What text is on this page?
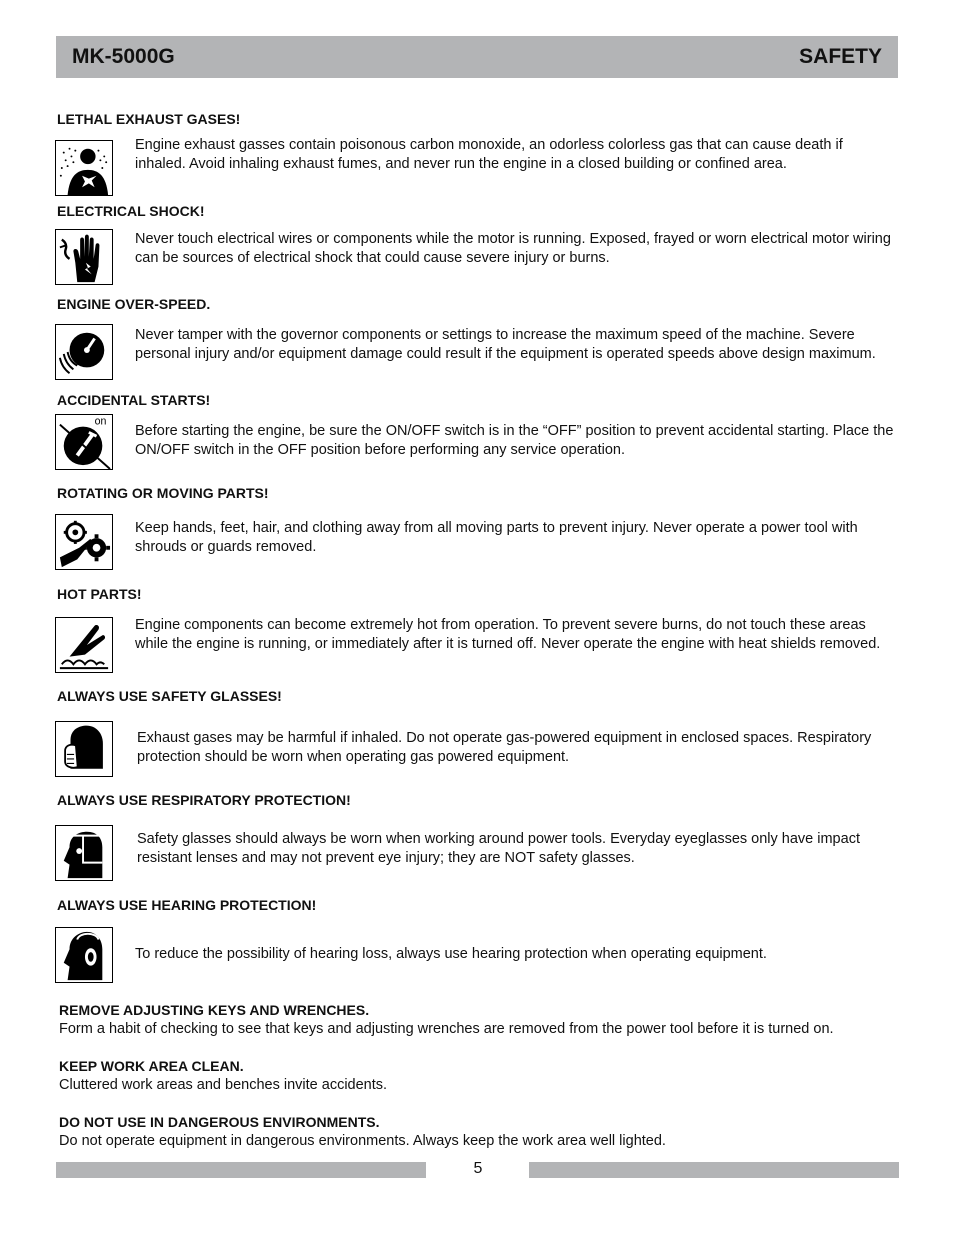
MK-5000G	SAFETY
LETHAL EXHAUST GASES!
Engine exhaust gasses contain poisonous carbon monoxide, an odorless colorless gas that can cause death if inhaled. Avoid inhaling exhaust fumes, and never run the engine in a closed building or confined area.
ELECTRICAL SHOCK!
Never touch electrical wires or components while the motor is running. Exposed, frayed or worn electrical motor wiring can be sources of electrical shock that could cause severe injury or burns.
ENGINE OVER-SPEED.
Never tamper with the governor components or settings to increase the maximum speed of the machine. Severe personal injury and/or equipment damage could result if the equipment is operated speeds above design maximum.
ACCIDENTAL STARTS!
on
Before starting the engine, be sure the ON/OFF switch is in the “OFF” position to prevent accidental starting. Place the ON/OFF switch in the OFF position before performing any service operation.
ROTATING OR MOVING PARTS!
Keep hands, feet, hair, and clothing away from all moving parts to prevent injury. Never operate a power tool with shrouds or guards removed.
HOT PARTS!
Engine components can become extremely hot from operation. To prevent severe burns, do not touch these areas while the engine is running, or immediately after it is turned off. Never operate the engine with heat shields removed.
ALWAYS USE SAFETY GLASSES!
Exhaust gases may be harmful if inhaled. Do not operate gas-powered equipment in enclosed spaces. Respiratory protection should be worn when operating gas powered equipment.
ALWAYS USE RESPIRATORY PROTECTION!
Safety glasses should always be worn when working around power tools. Everyday eyeglasses only have impact resistant lenses and may not prevent eye injury; they are NOT safety glasses.
ALWAYS USE HEARING PROTECTION!
To reduce the possibility of hearing loss, always use hearing protection when operating equipment.
REMOVE ADJUSTING KEYS AND WRENCHES.
Form a habit of checking to see that keys and adjusting wrenches are removed from the power tool before it is turned on.
KEEP WORK AREA CLEAN.
Cluttered work areas and benches invite accidents.
DO NOT USE IN DANGEROUS ENVIRONMENTS.
Do not operate equipment in dangerous environments. Always keep the work area well lighted.
5
